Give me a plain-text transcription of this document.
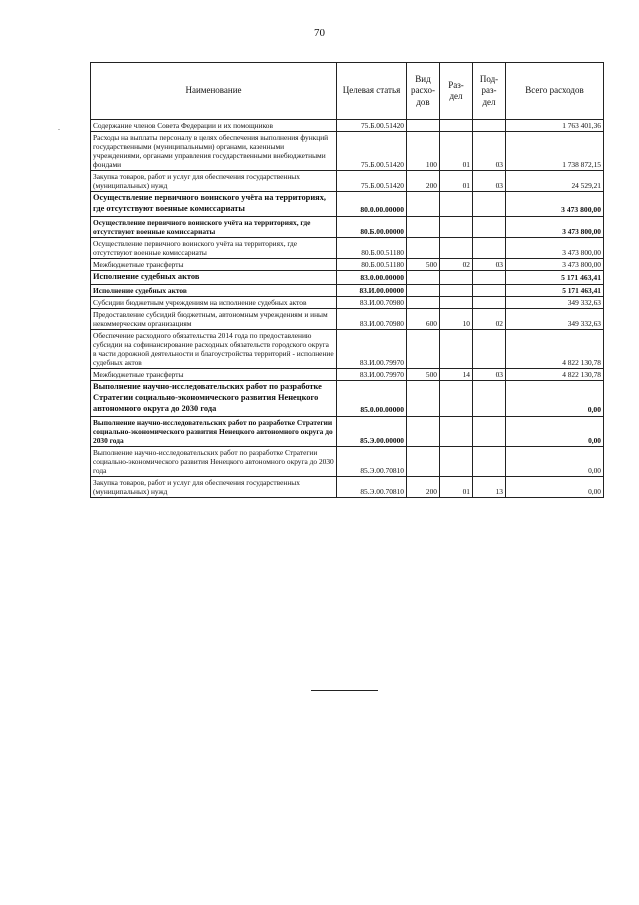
70
-
Наименование	Целевая статья	Вид расхо-дов	Раз-дел	Под-раз-дел	Всего расходов
Содержание членов Совета Федерации и их помощников	75.Б.00.51420				1 763 401,36
Расходы на выплаты персоналу в целях обеспечения выполнения функций государственными (муниципальными) органами, казенными учреждениями, органами управления государственными внебюджетными фондами	75.Б.00.51420	100	01	03	1 738 872,15
Закупка товаров, работ и услуг для обеспечения государственных (муниципальных) нужд	75.Б.00.51420	200	01	03	24 529,21
Осуществление первичного воинского учёта на территориях, где отсутствуют военные комиссариаты	80.0.00.00000				3 473 800,00
Осуществление первичного воинского учёта на территориях, где отсутствуют военные комиссариаты	80.Б.00.00000				3 473 800,00
Осуществление первичного воинского учёта на территориях, где отсутствуют военные комиссариаты	80.Б.00.51180				3 473 800,00
Межбюджетные трансферты	80.Б.00.51180	500	02	03	3 473 800,00
Исполнение судебных актов	83.0.00.00000				5 171 463,41
Исполнение судебных актов	83.И.00.00000				5 171 463,41
Субсидии бюджетным учреждениям на исполнение судебных актов	83.И.00.70980				349 332,63
Предоставление субсидий бюджетным, автономным учреждениям и иным некоммерческим организациям	83.И.00.70980	600	10	02	349 332,63
Обеспечение расходного обязательства 2014 года по предоставлению субсидии на софинансирование расходных обязательств городского округа в части дорожной деятельности и благоустройства территорий - исполнение судебных актов	83.И.00.79970				4 822 130,78
Межбюджетные трансферты	83.И.00.79970	500	14	03	4 822 130,78
Выполнение научно-исследовательских работ по разработке Стратегии социально-экономического развития Ненецкого автономного округа до 2030 года	85.0.00.00000				0,00
Выполнение научно-исследовательских работ по разработке Стратегии социально-экономического развития Ненецкого автономного округа до 2030 года	85.Э.00.00000				0,00
Выполнение научно-исследовательских работ по разработке Стратегии социально-экономического развития Ненецкого автономного округа до 2030 года	85.Э.00.70810				0,00
Закупка товаров, работ и услуг для обеспечения государственных (муниципальных) нужд	85.Э.00.70810	200	01	13	0,00
